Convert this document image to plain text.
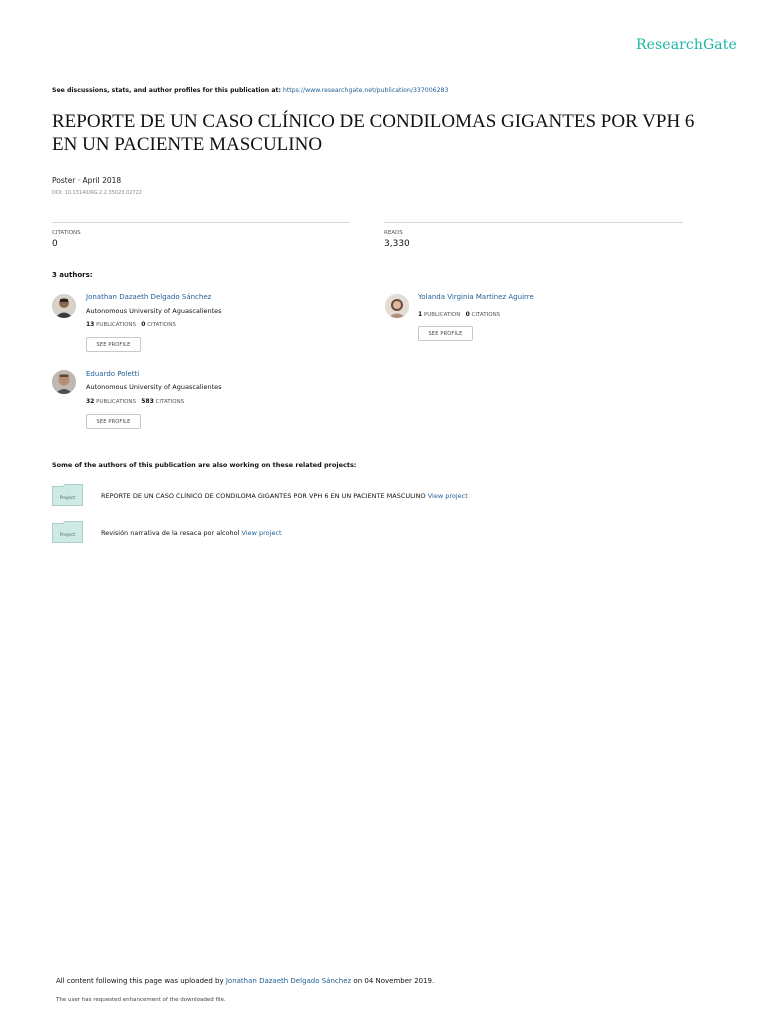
ResearchGate
See discussions, stats, and author profiles for this publication at: https://www.researchgate.net/publication/337006283
REPORTE DE UN CASO CLÍNICO DE CONDILOMAS GIGANTES POR VPH 6 EN UN PACIENTE MASCULINO
Poster · April 2018
DOI: 10.13140/RG.2.2.35023.02722
CITATIONS
0
READS
3,330
3 authors:
Jonathan Dazaeth Delgado Sánchez
Autonomous University of Aguascalientes
13 PUBLICATIONS 0 CITATIONS
SEE PROFILE
Yolanda Virginia Martinez Aguirre
1 PUBLICATION 0 CITATIONS
SEE PROFILE
Eduardo Poletti
Autonomous University of Aguascalientes
32 PUBLICATIONS 583 CITATIONS
SEE PROFILE
Some of the authors of this publication are also working on these related projects:
Project	REPORTE DE UN CASO CLÍNICO DE CONDILOMA GIGANTES POR VPH 6 EN UN PACIENTE MASCULINO View project
Project	Revisión narrativa de la resaca por alcohol View project
All content following this page was uploaded by Jonathan Dazaeth Delgado Sánchez on 04 November 2019.
The user has requested enhancement of the downloaded file.
